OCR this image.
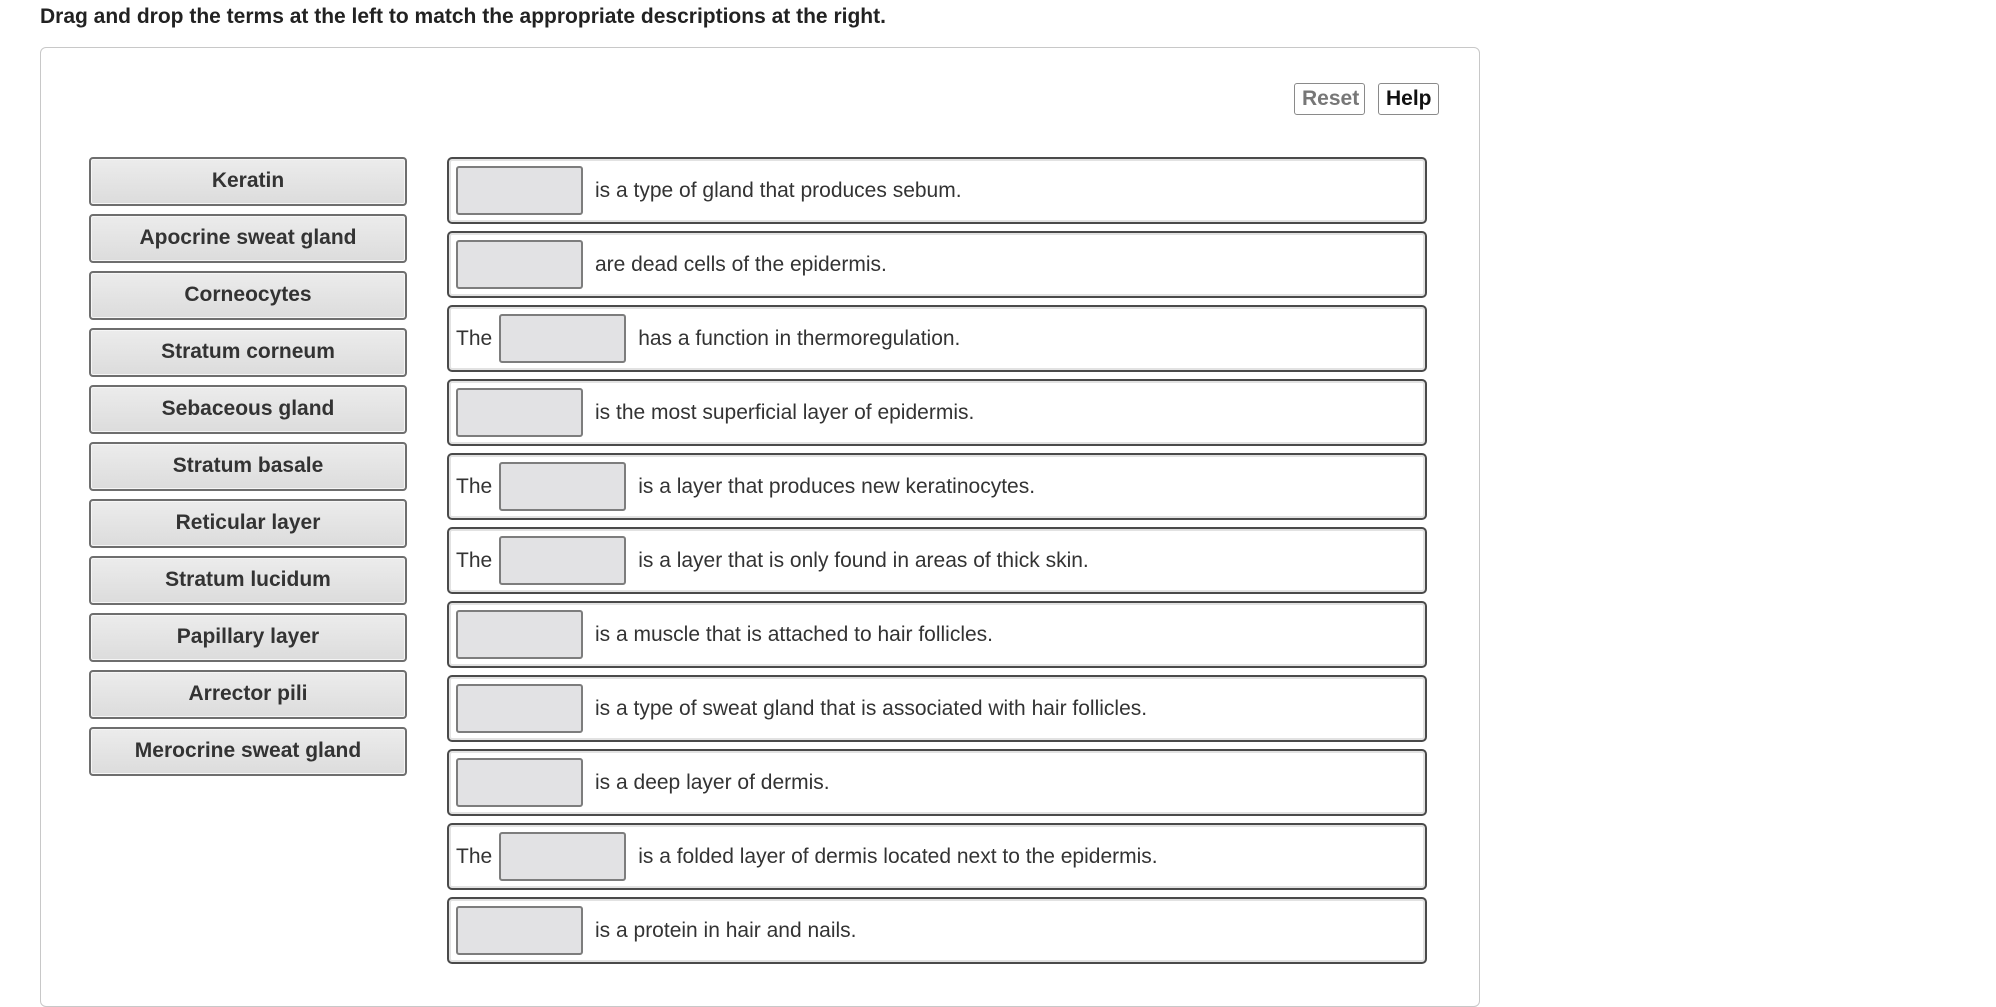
Drag and drop the terms at the left to match the appropriate descriptions at the right.
Reset	Help
Keratin
Apocrine sweat gland
Corneocytes
Stratum corneum
Sebaceous gland
Stratum basale
Reticular layer
Stratum lucidum
Papillary layer
Arrector pili
Merocrine sweat gland
is a type of gland that produces sebum.
are dead cells of the epidermis.
The	has a function in thermoregulation.
is the most superficial layer of epidermis.
The	is a layer that produces new keratinocytes.
The	is a layer that is only found in areas of thick skin.
is a muscle that is attached to hair follicles.
is a type of sweat gland that is associated with hair follicles.
is a deep layer of dermis.
The	is a folded layer of dermis located next to the epidermis.
is a protein in hair and nails.
